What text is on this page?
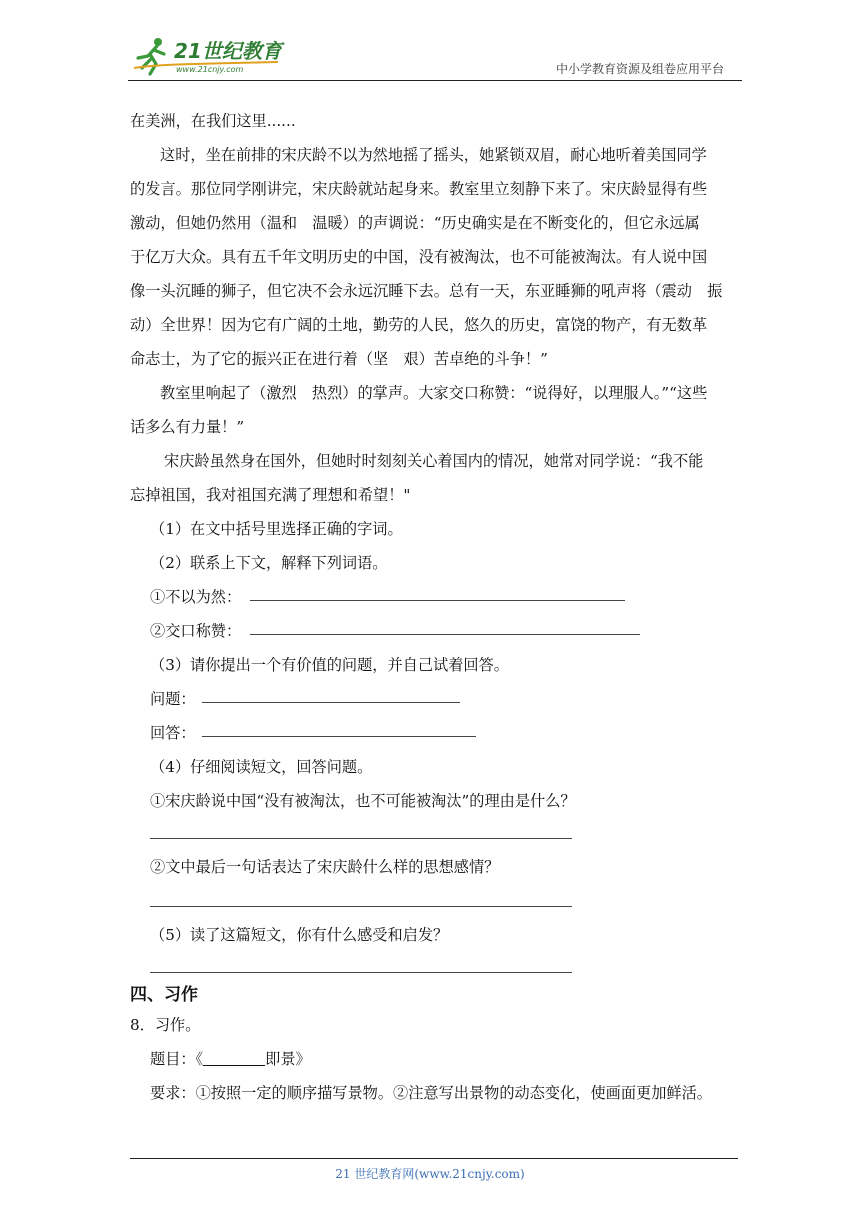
21世纪教育
www.21cnjy.com	中小学教育资源及组卷应用平台
在美洲，在我们这里......
这时，坐在前排的宋庆龄不以为然地摇了摇头，她紧锁双眉，耐心地听着美国同学
的发言。那位同学刚讲完，宋庆龄就站起身来。教室里立刻静下来了。宋庆龄显得有些
激动，但她仍然用（温和　温暖）的声调说：“历史确实是在不断变化的，但它永远属
于亿万大众。具有五千年文明历史的中国，没有被淘汰，也不可能被淘汰。有人说中国
像一头沉睡的狮子，但它决不会永远沉睡下去。总有一天，东亚睡狮的吼声将（震动　振
动）全世界！因为它有广阔的土地，勤劳的人民，悠久的历史，富饶的物产，有无数革
命志士，为了它的振兴正在进行着（坚　艰）苦卓绝的斗争！”
教室里响起了（激烈　热烈）的掌声。大家交口称赞：“说得好，以理服人。”“这些
话多么有力量！”
宋庆龄虽然身在国外，但她时时刻刻关心着国内的情况，她常对同学说：“我不能
忘掉祖国，我对祖国充满了理想和希望！"
（1）在文中括号里选择正确的字词。
（2）联系上下文，解释下列词语。
①不以为然：
②交口称赞：
（3）请你提出一个有价值的问题，并自己试着回答。
问题：
回答：
（4）仔细阅读短文，回答问题。
①宋庆龄说中国“没有被淘汰，也不可能被淘汰”的理由是什么？
②文中最后一句话表达了宋庆龄什么样的思想感情？
（5）读了这篇短文，你有什么感受和启发？
四、习作
8．习作。
题目：《	即景》
要求：①按照一定的顺序描写景物。②注意写出景物的动态变化，使画面更加鲜活。
21 世纪教育网(www.21cnjy.com)
